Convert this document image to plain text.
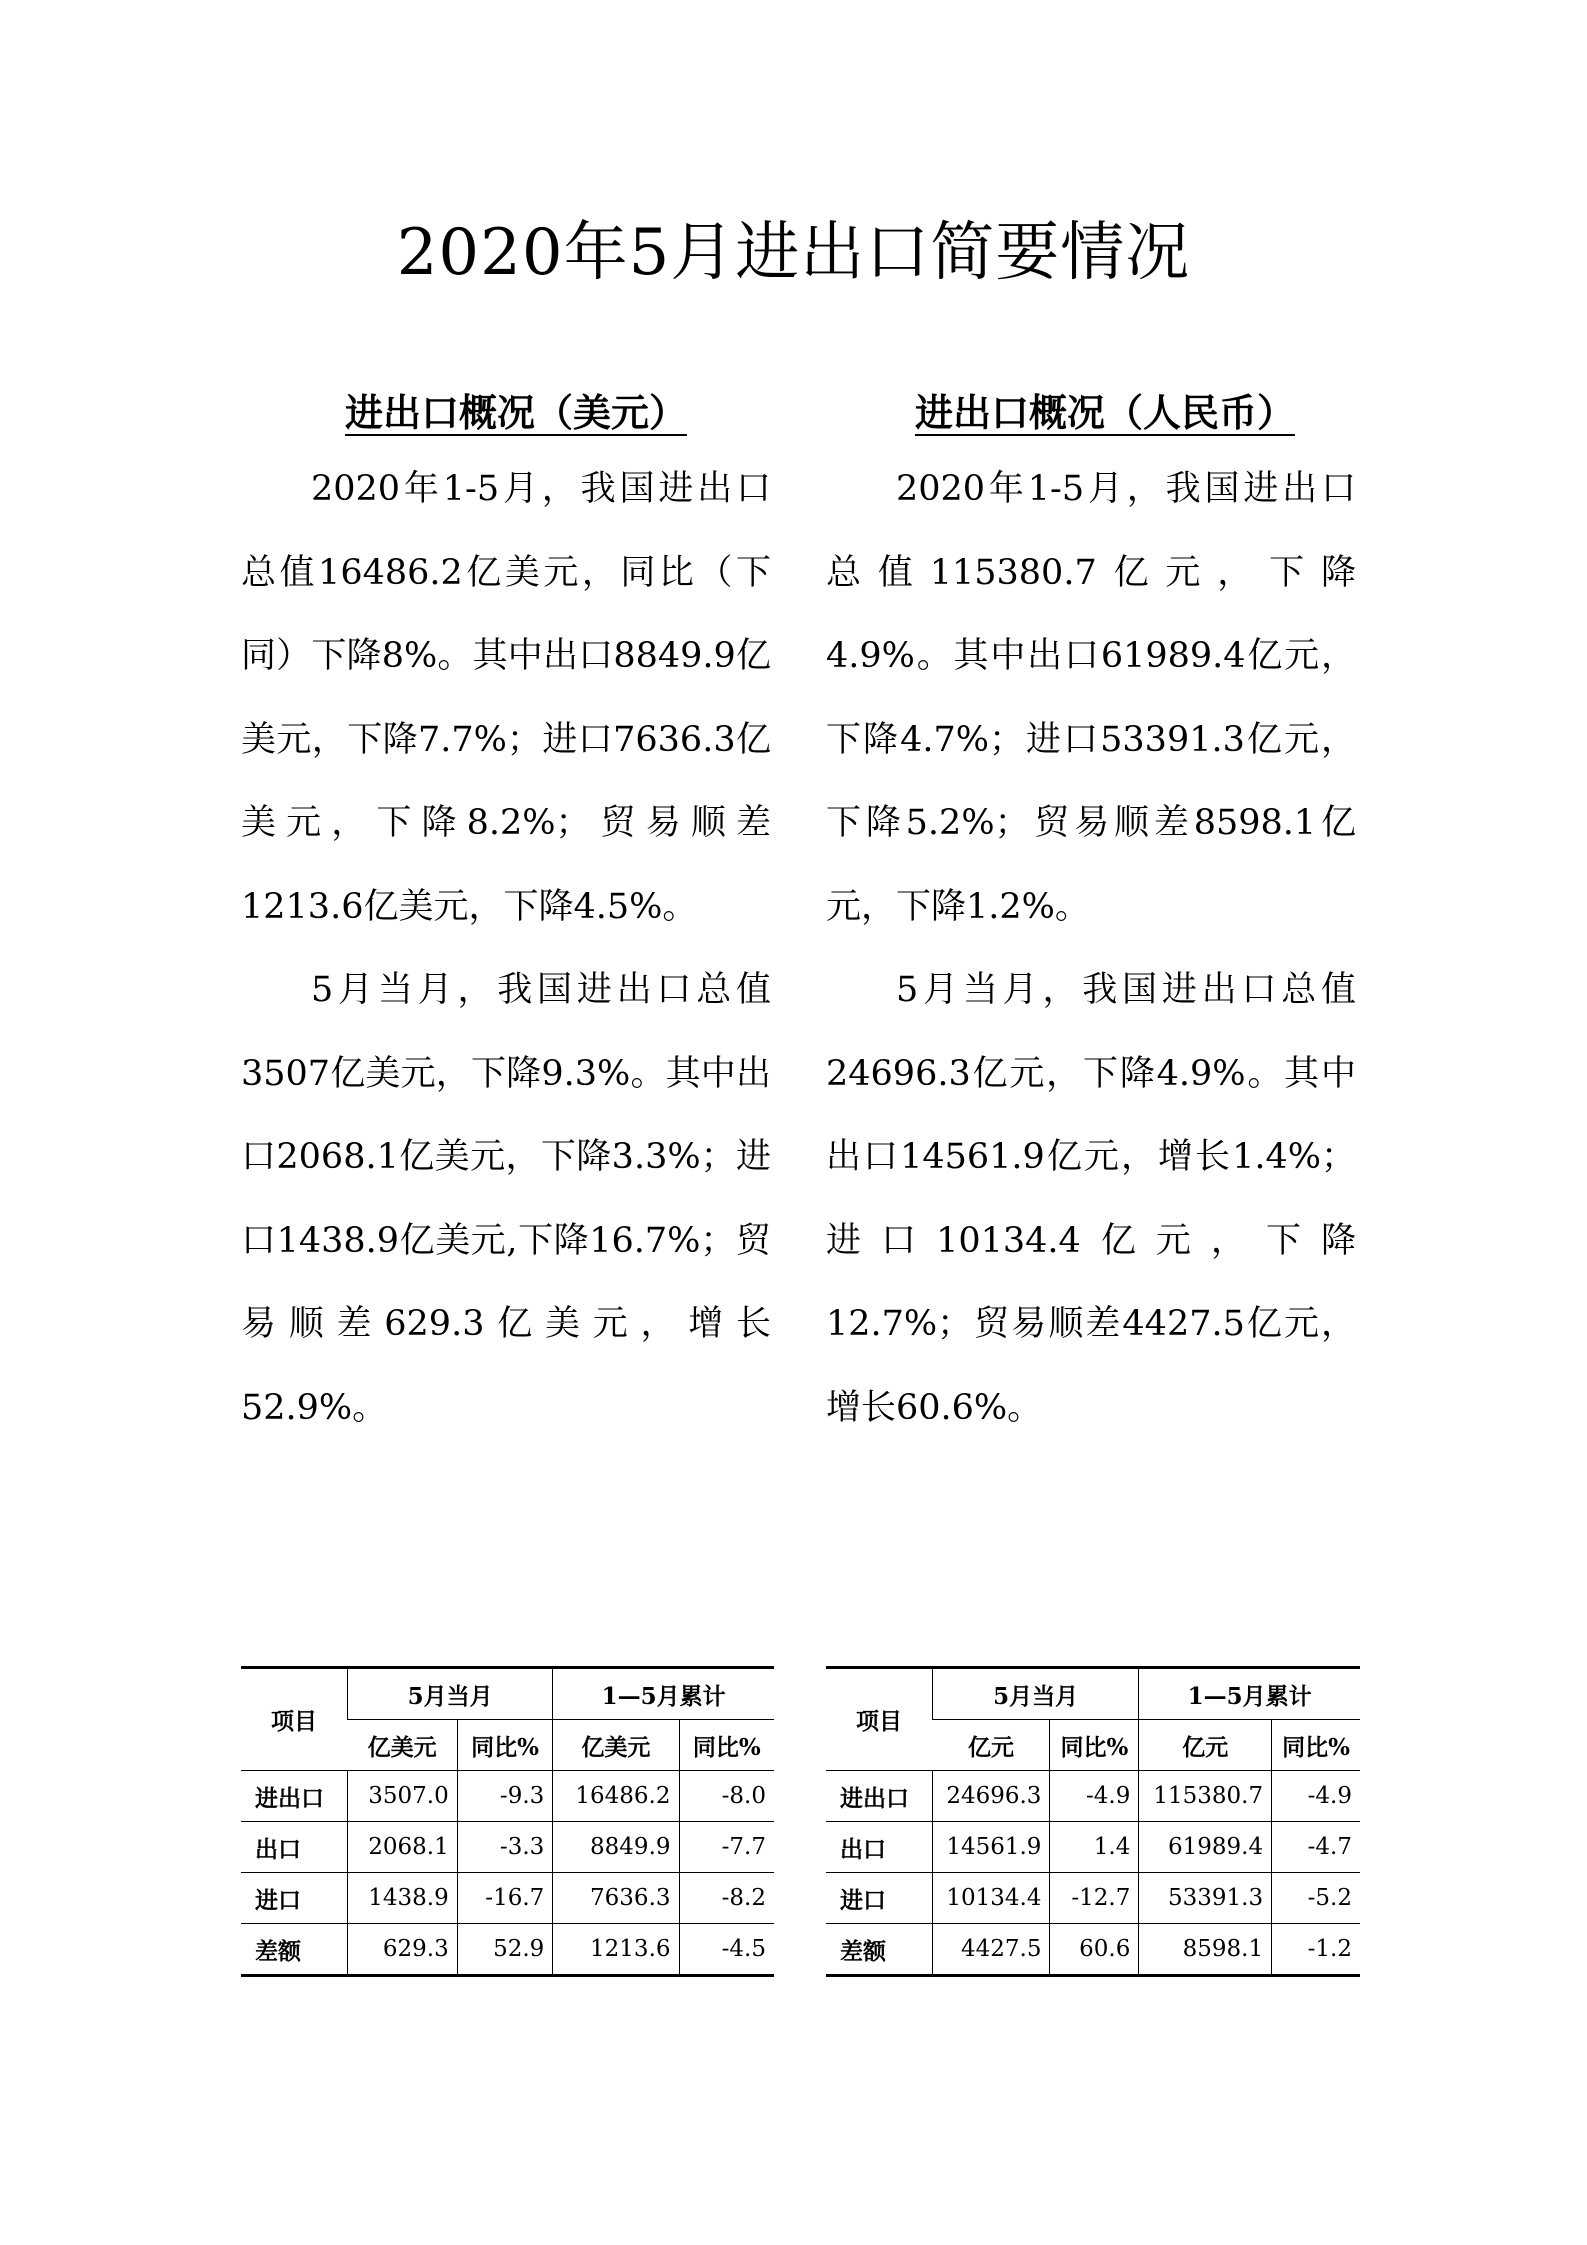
2020年5月进出口简要情况
进出口概况（美元）

2020年1-5月，我国进出口总值16486.2亿美元，同比（下同）下降8%。其中出口8849.9亿美元，下降7.7%；进口7636.3亿美元，下降8.2%；贸易顺差1213.6亿美元，下降4.5%。

5月当月，我国进出口总值3507亿美元，下降9.3%。其中出口2068.1亿美元，下降3.3%；进口1438.9亿美元,下降16.7%；贸易顺差629.3亿美元，增长52.9%。

进出口概况（人民币）

2020年1-5月，我国进出口总值115380.7亿元，下降4.9%。其中出口61989.4亿元，下降4.7%；进口53391.3亿元，下降5.2%；贸易顺差8598.1亿元，下降1.2%。

5月当月，我国进出口总值24696.3亿元，下降4.9%。其中出口14561.9亿元，增长1.4%；进口10134.4亿元，下降12.7%；贸易顺差4427.5亿元，增长60.6%。

项目	5月当月		1—5月累计	
	亿美元	同比%	亿美元	同比%
进出口	3507.0	-9.3	16486.2	-8.0
出口	2068.1	-3.3	8849.9	-7.7
进口	1438.9	-16.7	7636.3	-8.2
差额	629.3	52.9	1213.6	-4.5
项目	5月当月		1—5月累计	
	亿元	同比%	亿元	同比%
进出口	24696.3	-4.9	115380.7	-4.9
出口	14561.9	1.4	61989.4	-4.7
进口	10134.4	-12.7	53391.3	-5.2
差额	4427.5	60.6	8598.1	-1.2
